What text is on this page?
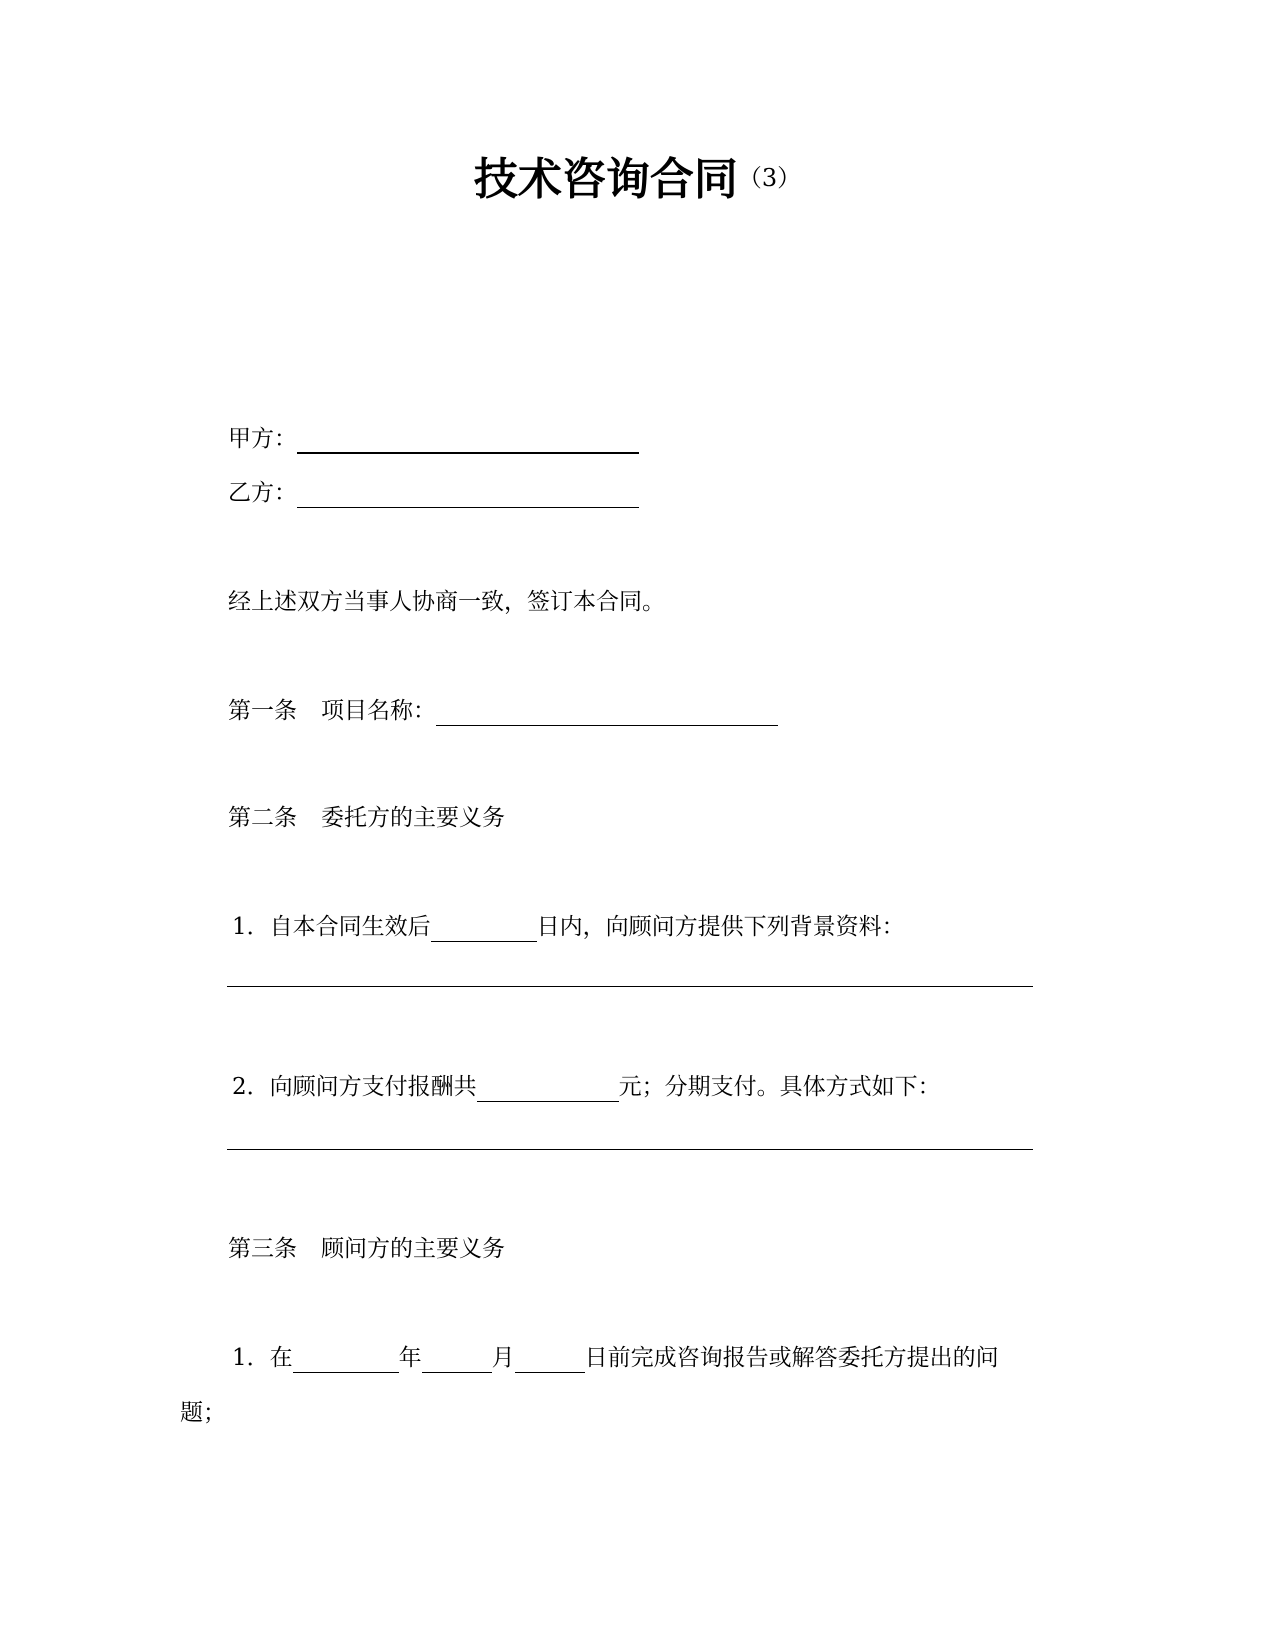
技术咨询合同$^{(3)}$
甲方：
乙方：
经上述双方当事人协商一致，签订本合同。
第一条 项目名称：
第二条 委托方的主要义务
1．自本合同生效后	日内，向顾问方提供下列背景资料：
2．向顾问方支付报酬共	元；分期支付。具体方式如下：
第三条 顾问方的主要义务
1．在	年	月	日前完成咨询报告或解答委托方提出的问
题；
